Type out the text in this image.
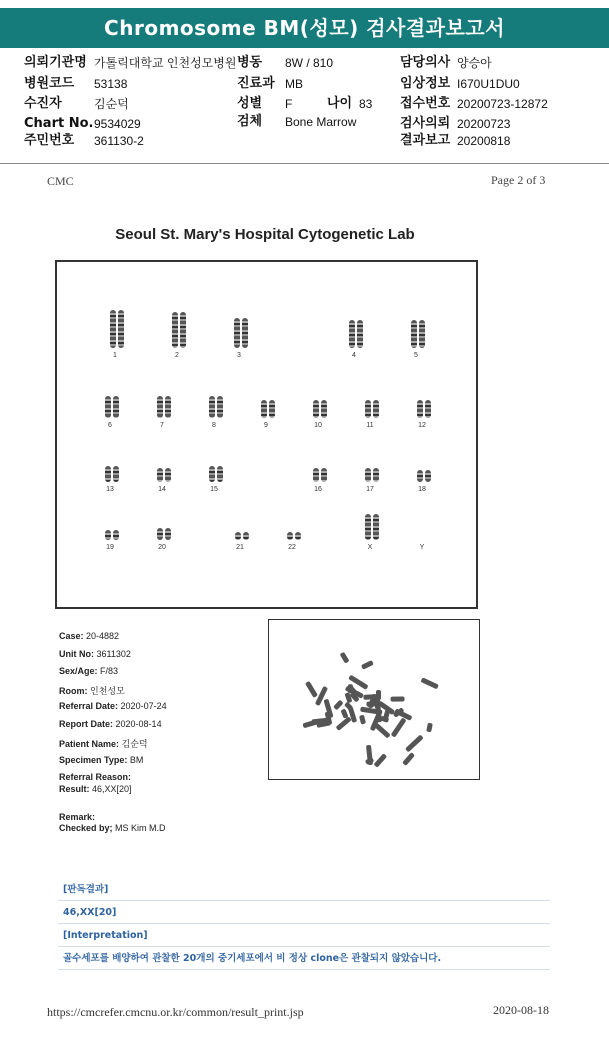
Chromosome BM(성모) 검사결과보고서
의뢰기관명 가톨릭대학교 인천성모병원 병동 8W / 810	담당의사 양승아
병원코드 53138	진료과 MB	임상정보 I670U1DU0
수진자	김순덕	성별 F	나이 83 접수번호 20200723-12872
Chart No. 9534029	검체 Bone Marrow	검사의뢰 20200723
주민번호 361130-2	결과보고 20200818
CMC	Page 2 of 3
Seoul St. Mary's Hospital Cytogenetic Lab
1	2	3	4	5
6	7	8	9	10	11	12
13	14	15	16	17	18
19	20	21	22	X	Y
Case: 20-4882
Unit No: 3611302
Sex/Age: F/83
Room: 인천성모
Referral Date: 2020-07-24
Report Date: 2020-08-14
Patient Name: 김순덕
Specimen Type: BM
Referral Reason:
Result: 46,XX[20]
Remark:
Checked by; MS Kim M.D
[판독결과]
46,XX[20]
[Interpretation]
골수세포를 배양하여 관찰한 20개의 중기세포에서 비 정상 clone은 관찰되지 않았습니다.
https://cmcrefer.cmcnu.or.kr/common/result_print.jsp	2020-08-18
